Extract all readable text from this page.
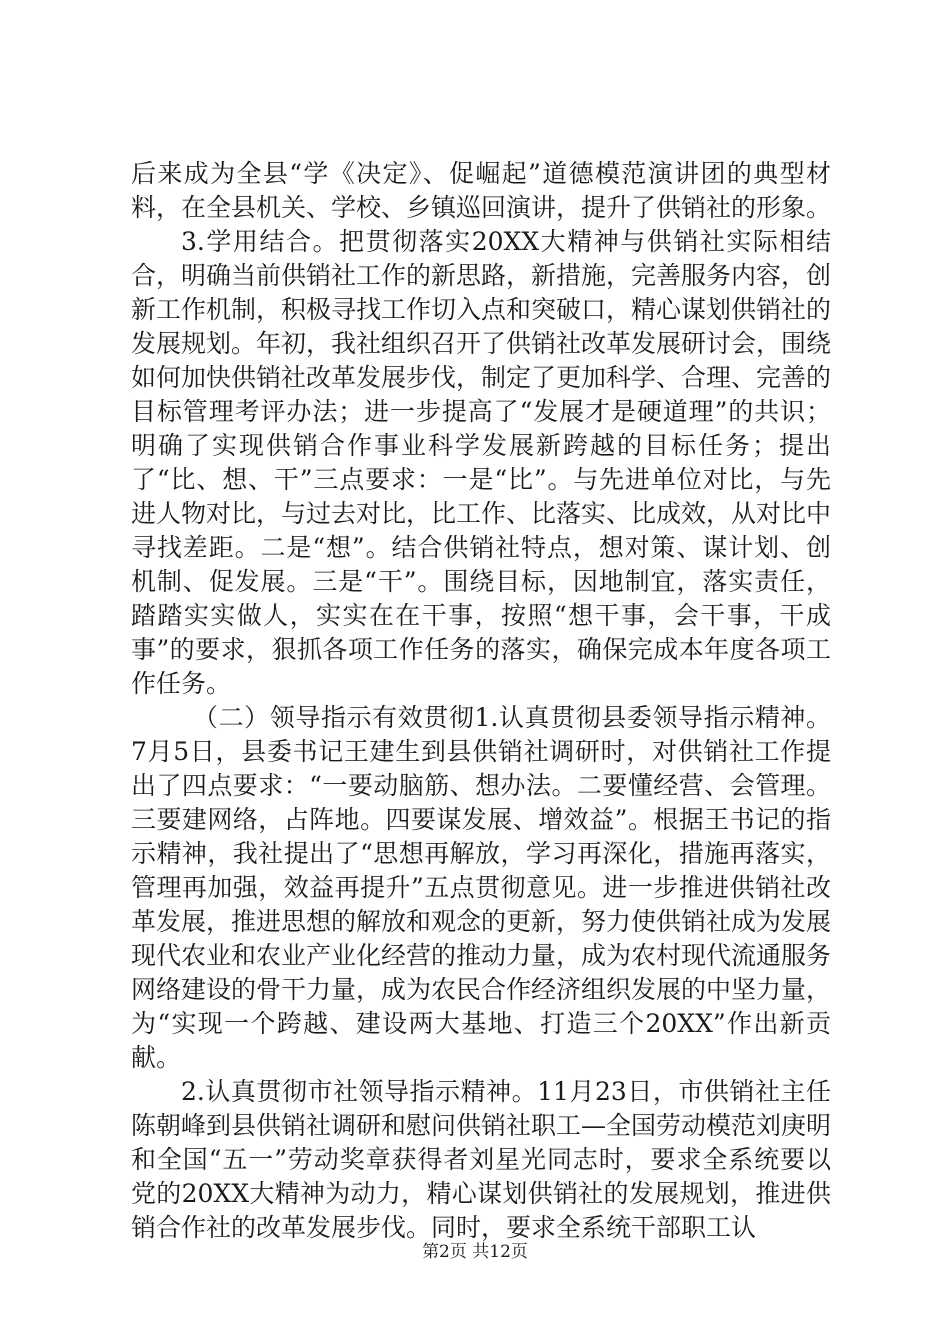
后来成为全县“学《决定》、促崛起”道德模范演讲团的典型材料，在全县机关、学校、乡镇巡回演讲，提升了供销社的形象。

3.学用结合。把贯彻落实20XX大精神与供销社实际相结合，明确当前供销社工作的新思路，新措施，完善服务内容，创新工作机制，积极寻找工作切入点和突破口，精心谋划供销社的发展规划。年初，我社组织召开了供销社改革发展研讨会，围绕如何加快供销社改革发展步伐，制定了更加科学、合理、完善的目标管理考评办法；进一步提高了“发展才是硬道理”的共识；明确了实现供销合作事业科学发展新跨越的目标任务；提出了“比、想、干”三点要求：一是“比”。与先进单位对比，与先进人物对比，与过去对比，比工作、比落实、比成效，从对比中寻找差距。二是“想”。结合供销社特点，想对策、谋计划、创机制、促发展。三是“干”。围绕目标，因地制宜，落实责任，踏踏实实做人，实实在在干事，按照“想干事，会干事，干成事”的要求，狠抓各项工作任务的落实，确保完成本年度各项工作任务。

（二）领导指示有效贯彻1.认真贯彻县委领导指示精神。7月5日，县委书记王建生到县供销社调研时，对供销社工作提出了四点要求：“一要动脑筋、想办法。二要懂经营、会管理。三要建网络，占阵地。四要谋发展、增效益”。根据王书记的指示精神，我社提出了“思想再解放，学习再深化，措施再落实，管理再加强，效益再提升”五点贯彻意见。进一步推进供销社改革发展，推进思想的解放和观念的更新，努力使供销社成为发展现代农业和农业产业化经营的推动力量，成为农村现代流通服务网络建设的骨干力量，成为农民合作经济组织发展的中坚力量，为“实现一个跨越、建设两大基地、打造三个20XX”作出新贡献。

2.认真贯彻市社领导指示精神。11月23日，市供销社主任陈朝峰到县供销社调研和慰问供销社职工—全国劳动模范刘庚明和全国“五一”劳动奖章获得者刘星光同志时，要求全系统要以党的20XX大精神为动力，精心谋划供销社的发展规划，推进供销合作社的改革发展步伐。同时，要求全系统干部职工认

第2页 共12页
